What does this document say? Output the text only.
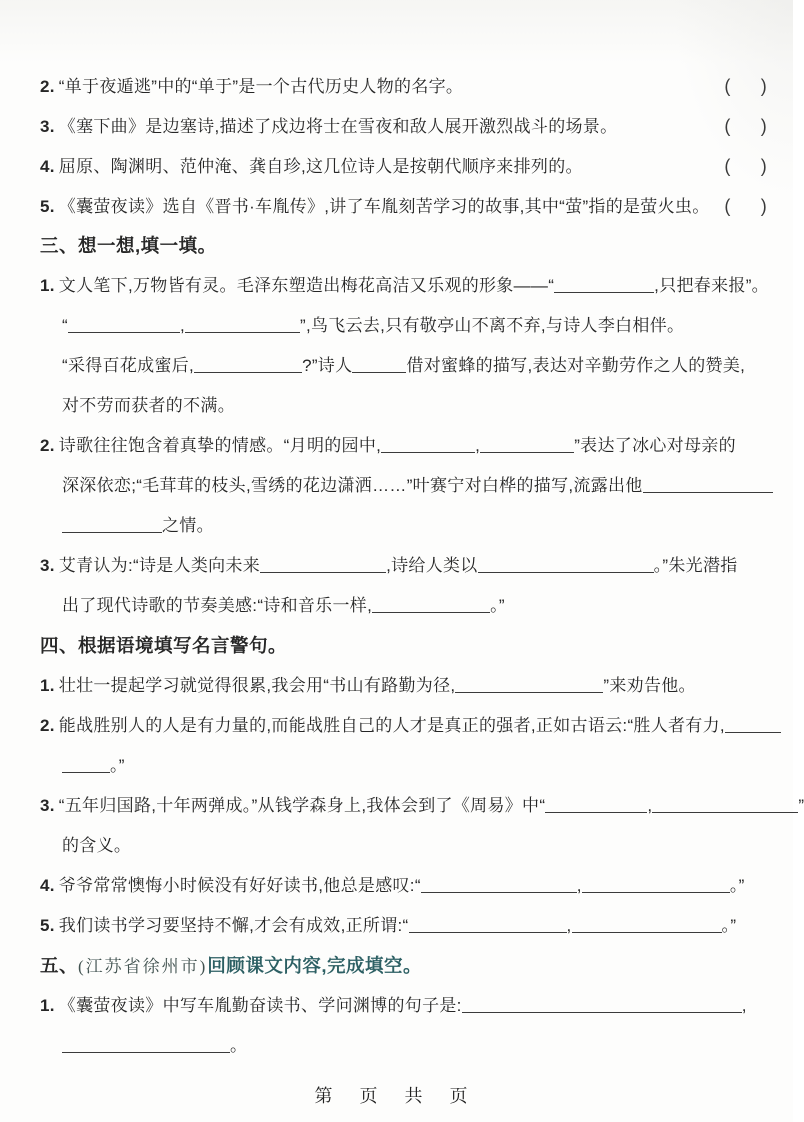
2. “单于夜遁逃”中的“单于”是一个古代历史人物的名字。	( )
3. 《塞下曲》是边塞诗,描述了戍边将士在雪夜和敌人展开激烈战斗的场景。	( )
4. 屈原、陶渊明、范仲淹、龚自珍,这几位诗人是按朝代顺序来排列的。	( )
5. 《囊萤夜读》选自《晋书·车胤传》,讲了车胤刻苦学习的故事,其中“萤”指的是萤火虫。 ( )
三、想一想,填一填。
1. 文人笔下,万物皆有灵。毛泽东塑造出梅花高洁又乐观的形象——“	,只把春来报”。
“	,	”,鸟飞云去,只有敬亭山不离不弃,与诗人李白相伴。
“采得百花成蜜后,	?”诗人	借对蜜蜂的描写,表达对辛勤劳作之人的赞美,
对不劳而获者的不满。
2. 诗歌往往饱含着真挚的情感。“月明的园中,	,	”表达了冰心对母亲的
深深依恋;“毛茸茸的枝头,雪绣的花边潇洒……”叶赛宁对白桦的描写,流露出他
之情。
3. 艾青认为:“诗是人类向未来	,诗给人类以	。”朱光潜指
出了现代诗歌的节奏美感:“诗和音乐一样,	。”
四、根据语境填写名言警句。
1. 壮壮一提起学习就觉得很累,我会用“书山有路勤为径,	”来劝告他。
2. 能战胜别人的人是有力量的,而能战胜自己的人才是真正的强者,正如古语云:“胜人者有力,
。”
3. “五年归国路,十年两弹成。”从钱学森身上,我体会到了《周易》中“	,	”
的含义。
4. 爷爷常常懊悔小时候没有好好读书,他总是感叹:“	,	。”
5. 我们读书学习要坚持不懈,才会有成效,正所谓:“	,	。”
五、(江苏省徐州市)回顾课文内容,完成填空。
1. 《囊萤夜读》中写车胤勤奋读书、学问渊博的句子是:	,
。
第 页 共 页
